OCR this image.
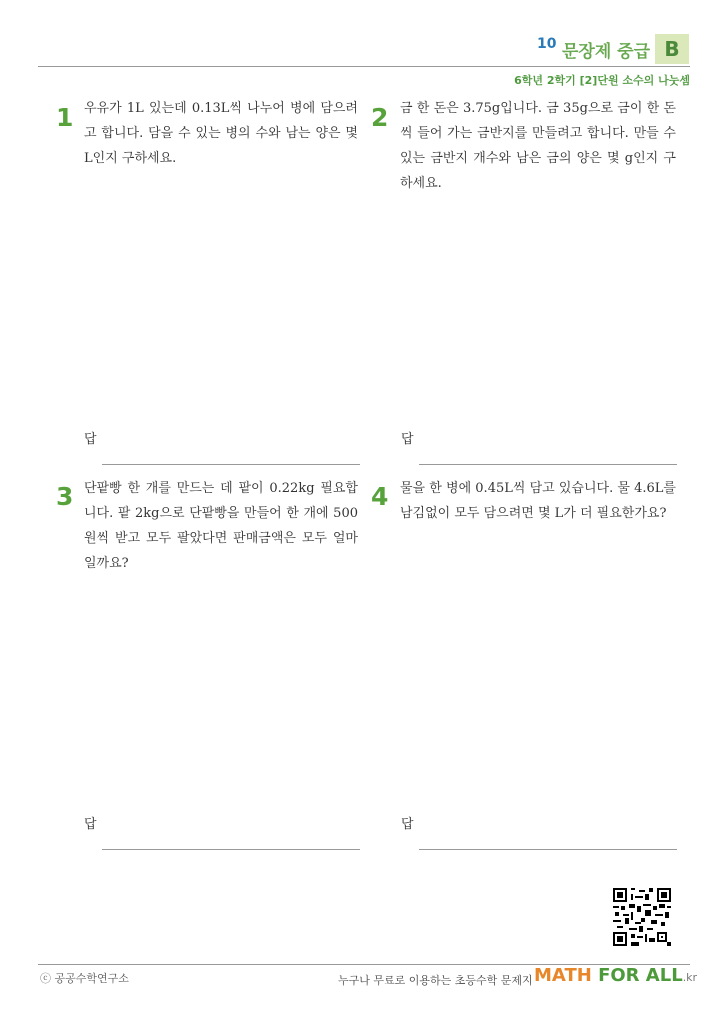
10 문장제 중급 B
6학년 2학기 [2]단원 소수의 나눗셈
1 우유가 1L 있는데 0.13L씩 나누어 병에 담으려고 합니다. 담을 수 있는 병의 수와 남는 양은 몇 L인지 구하세요.
답
2 금 한 돈은 3.75g입니다. 금 35g으로 금이 한 돈씩 들어 가는 금반지를 만들려고 합니다. 만들 수 있는 금반지 개수와 남은 금의 양은 몇 g인지 구하세요.
답
3 단팥빵 한 개를 만드는 데 팥이 0.22kg 필요합니다. 팥 2kg으로 단팥빵을 만들어 한 개에 500원씩 받고 모두 팔았다면 판매금액은 모두 얼마일까요?
답
4 물을 한 병에 0.45L씩 담고 있습니다. 물 4.6L를 남김없이 모두 담으려면 몇 L가 더 필요한가요?
답
ⓒ 공공수학연구소	누구나 무료로 이용하는 초등수학 문제지 MATH FOR ALL.kr
